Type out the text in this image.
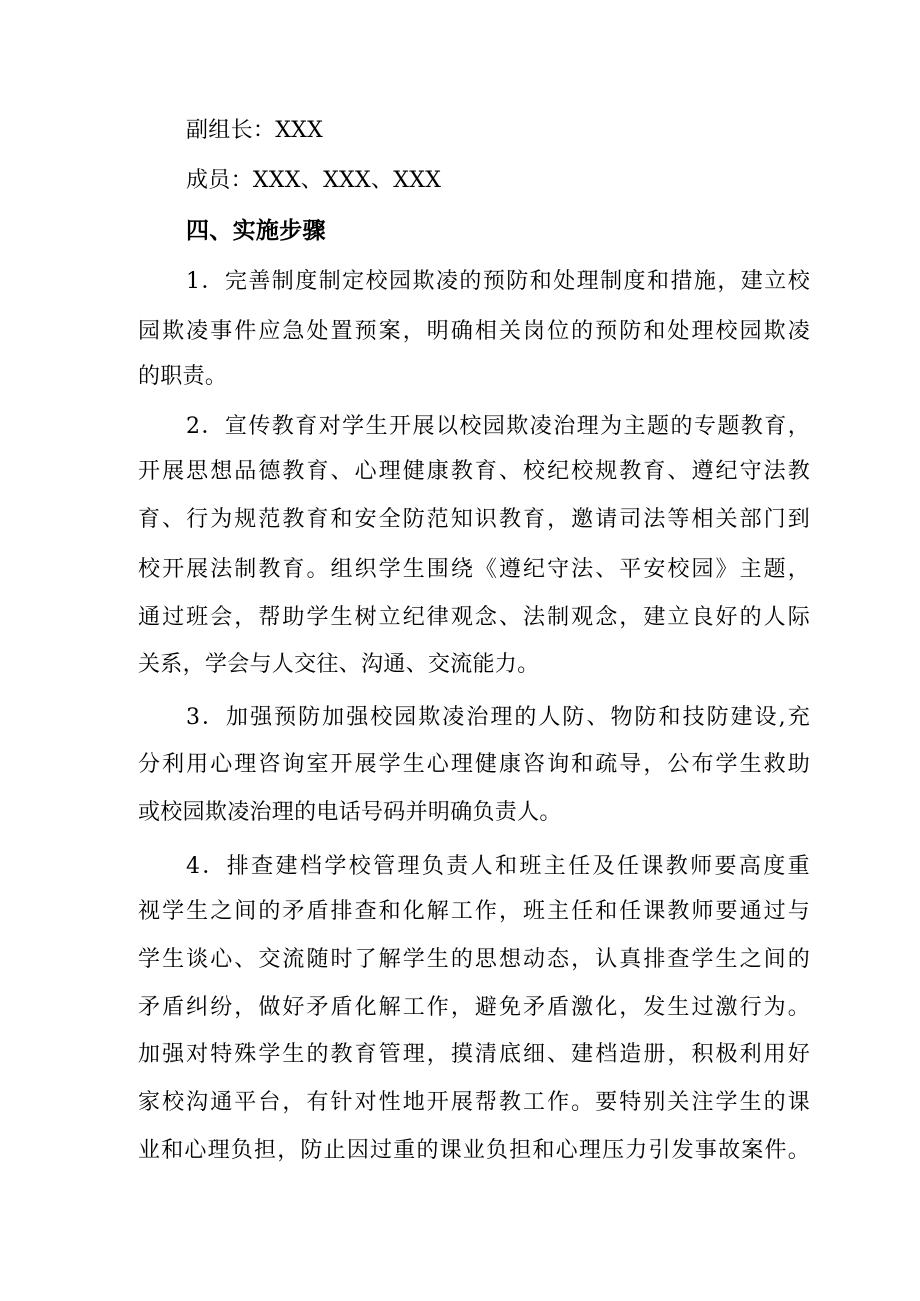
副组长：XXX
成员：XXX、XXX、XXX
四、实施步骤
1．完善制度制定校园欺凌的预防和处理制度和措施，建立校
园欺凌事件应急处置预案，明确相关岗位的预防和处理校园欺凌
的职责。
2．宣传教育对学生开展以校园欺凌治理为主题的专题教育，
开展思想品德教育、心理健康教育、校纪校规教育、遵纪守法教
育、行为规范教育和安全防范知识教育，邀请司法等相关部门到
校开展法制教育。组织学生围绕《遵纪守法、平安校园》主题，
通过班会，帮助学生树立纪律观念、法制观念，建立良好的人际
关系，学会与人交往、沟通、交流能力。
3．加强预防加强校园欺凌治理的人防、物防和技防建设,充
分利用心理咨询室开展学生心理健康咨询和疏导，公布学生救助
或校园欺凌治理的电话号码并明确负责人。
4．排查建档学校管理负责人和班主任及任课教师要高度重
视学生之间的矛盾排查和化解工作，班主任和任课教师要通过与
学生谈心、交流随时了解学生的思想动态，认真排查学生之间的
矛盾纠纷，做好矛盾化解工作，避免矛盾激化，发生过激行为。
加强对特殊学生的教育管理，摸清底细、建档造册，积极利用好
家校沟通平台，有针对性地开展帮教工作。要特别关注学生的课
业和心理负担，防止因过重的课业负担和心理压力引发事故案件。
